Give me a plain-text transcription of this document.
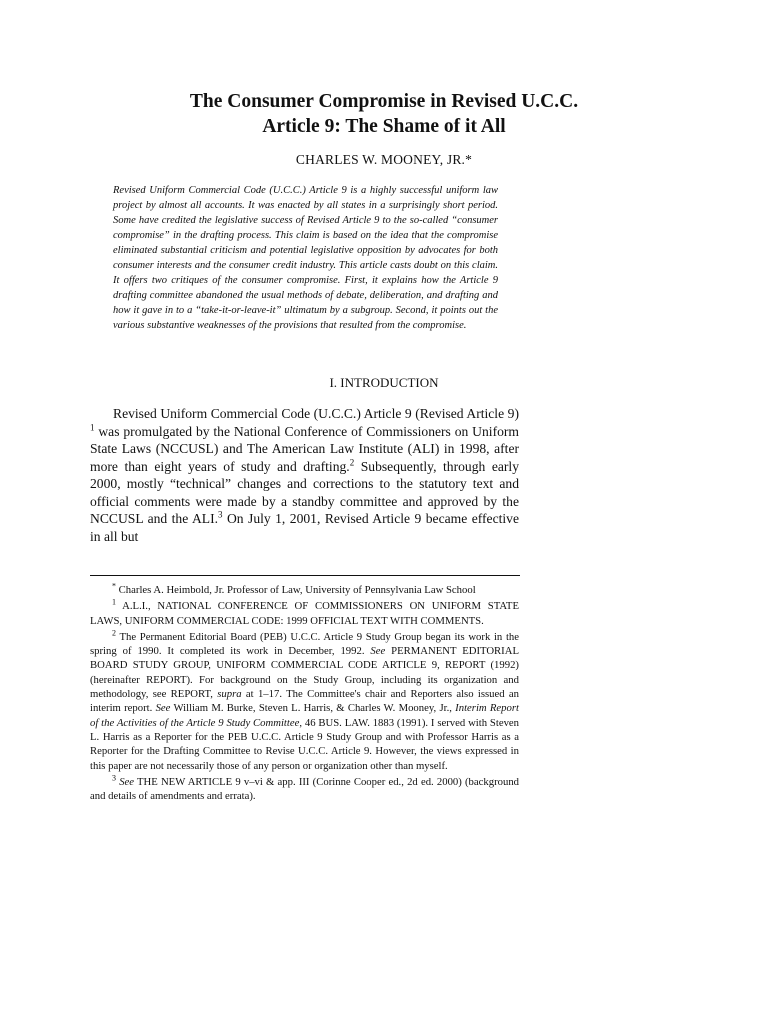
The Consumer Compromise in Revised U.C.C.
Article 9: The Shame of it All
CHARLES W. MOONEY, JR.*

Revised Uniform Commercial Code (U.C.C.) Article 9 is a highly successful uniform law project by almost all accounts. It was enacted by all states in a surprisingly short period. Some have credited the legislative success of Revised Article 9 to the so-called “consumer compromise” in the drafting process. This claim is based on the idea that the compromise eliminated substantial criticism and potential legislative opposition by advocates for both consumer interests and the consumer credit industry. This article casts doubt on this claim. It offers two critiques of the consumer compromise. First, it explains how the Article 9 drafting committee abandoned the usual methods of debate, deliberation, and drafting and how it gave in to a “take-it-or-leave-it” ultimatum by a subgroup. Second, it points out the various substantive weaknesses of the provisions that resulted from the compromise.

I. INTRODUCTION

Revised Uniform Commercial Code (U.C.C.) Article 9 (Revised Article 9) $^1$ was promulgated by the National Conference of Commissioners on Uniform State Laws (NCCUSL) and The American Law Institute (ALI) in 1998, after more than eight years of study and drafting.$^2$ Subsequently, through early 2000, mostly “technical” changes and corrections to the statutory text and official comments were made by a standby committee and approved by the NCCUSL and the ALI.$^3$ On July 1, 2001, Revised Article 9 became effective in all but

* Charles A. Heimbold, Jr. Professor of Law, University of Pennsylvania Law School

$^1$ A.L.I., NATIONAL CONFERENCE OF COMMISSIONERS ON UNIFORM STATE LAWS, UNIFORM COMMERCIAL CODE: 1999 OFFICIAL TEXT WITH COMMENTS.

$^2$ The Permanent Editorial Board (PEB) U.C.C. Article 9 Study Group began its work in the spring of 1990. It completed its work in December, 1992. See PERMANENT EDITORIAL BOARD STUDY GROUP, UNIFORM COMMERCIAL CODE ARTICLE 9, REPORT (1992) (hereinafter REPORT). For background on the Study Group, including its organization and methodology, see REPORT, supra at 1–17. The Committee's chair and Reporters also issued an interim report. See William M. Burke, Steven L. Harris, & Charles W. Mooney, Jr., Interim Report of the Activities of the Article 9 Study Committee, 46 BUS. LAW. 1883 (1991). I served with Steven L. Harris as a Reporter for the PEB U.C.C. Article 9 Study Group and with Professor Harris as a Reporter for the Drafting Committee to Revise U.C.C. Article 9. However, the views expressed in this paper are not necessarily those of any person or organization other than myself.

$^3$ See THE NEW ARTICLE 9 v–vi & app. III (Corinne Cooper ed., 2d ed. 2000) (background and details of amendments and errata).
